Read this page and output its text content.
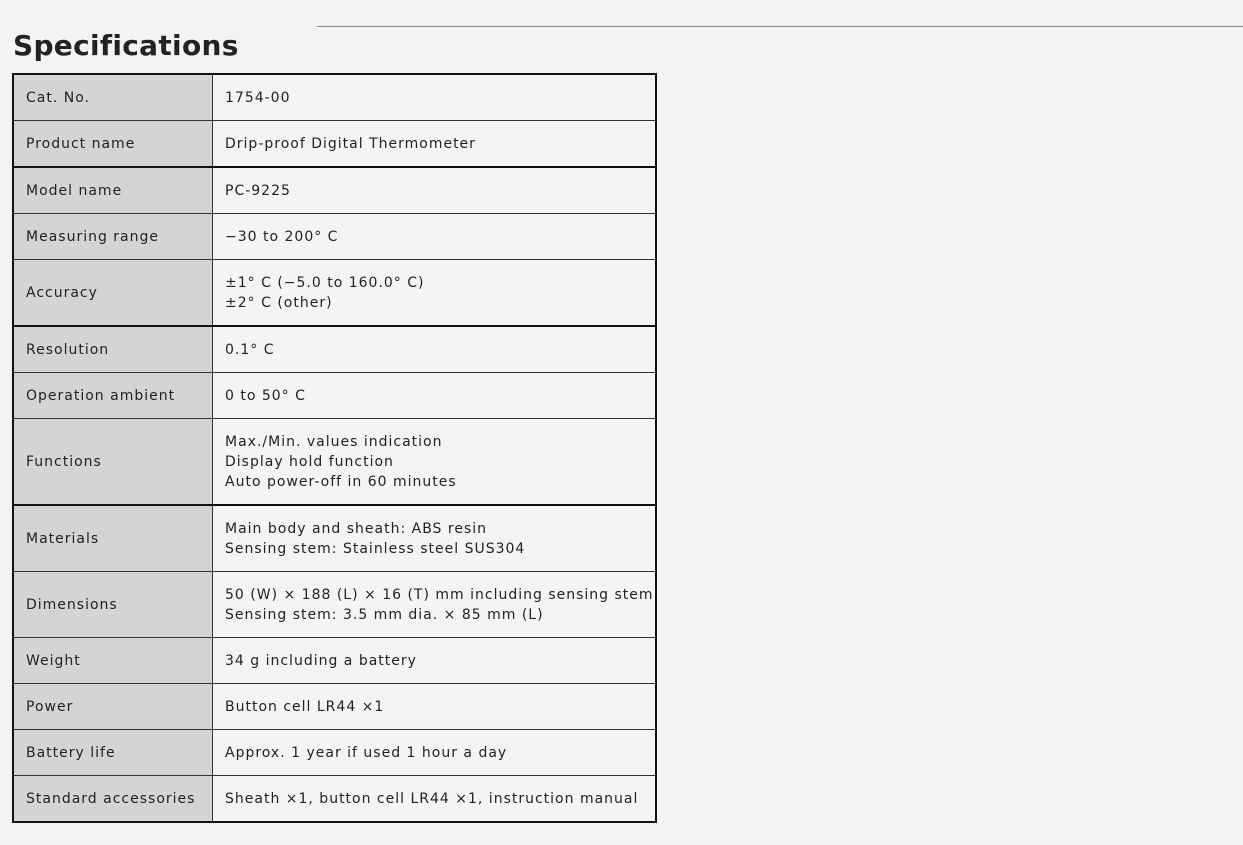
Specifications
Cat. No.	1754-00

Product name	Drip-proof Digital Thermometer

Model name	PC-9225

Measuring range	−30 to 200° C

Accuracy	±1° C (−5.0 to 160.0° C)
±2° C (other)

Resolution	0.1° C

Operation ambient	0 to 50° C

Functions	Max./Min. values indication
Display hold function
Auto power-off in 60 minutes

Materials	Main body and sheath: ABS resin
Sensing stem: Stainless steel SUS304

Dimensions	50 (W) × 188 (L) × 16 (T) mm including sensing stem
Sensing stem: 3.5 mm dia. × 85 mm (L)

Weight	34 g including a battery

Power	Button cell LR44 ×1

Battery life	Approx. 1 year if used 1 hour a day

Standard accessories	Sheath ×1, button cell LR44 ×1, instruction manual
